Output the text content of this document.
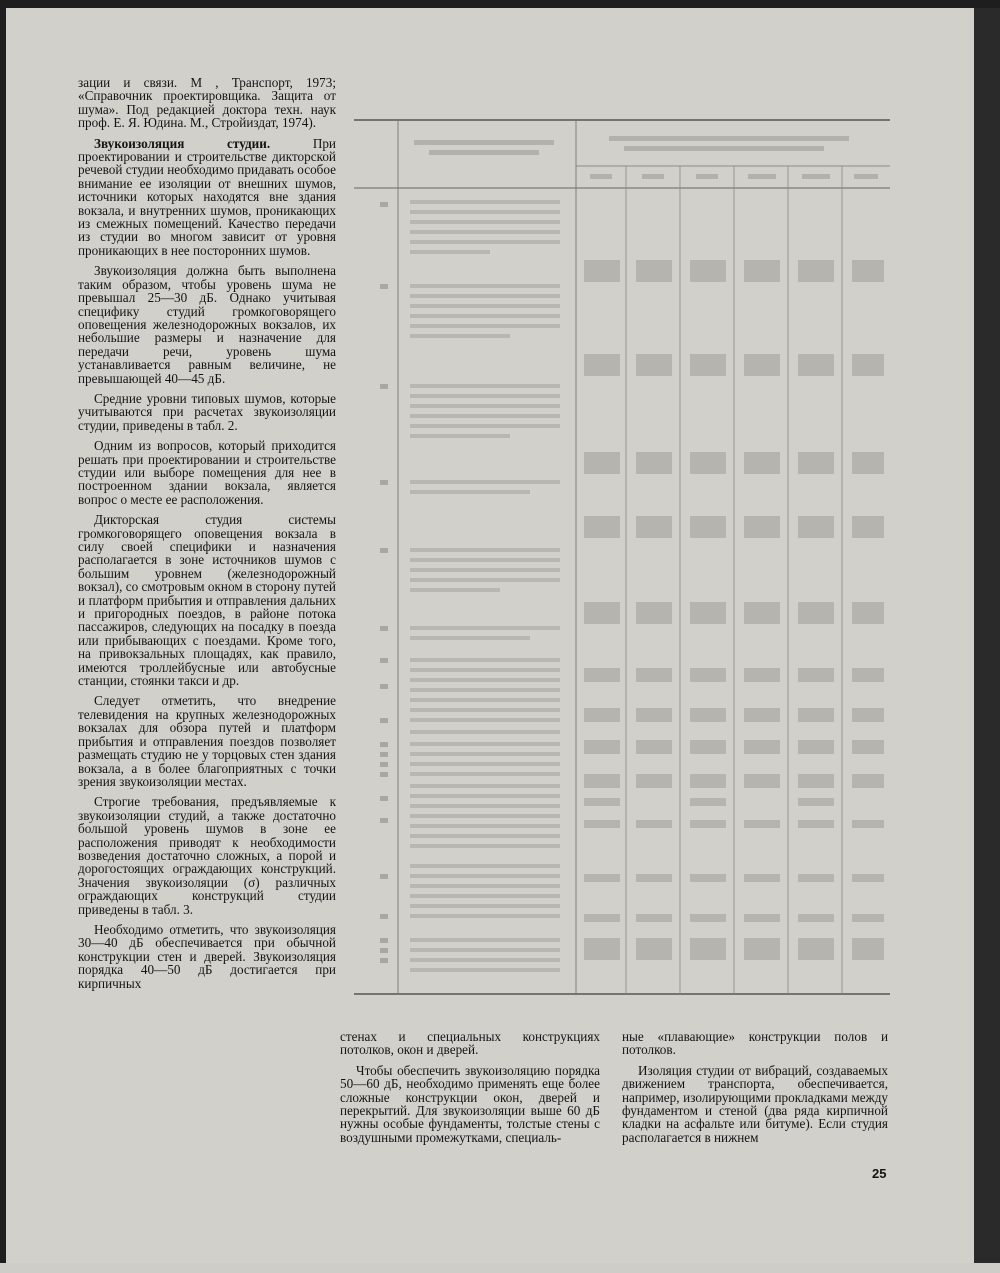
зации и связи. М , Транспорт, 1973; «Справочник проектировщика. Защита от шума». Под редакцией доктора техн. наук проф. Е. Я. Юдина. М., Стройиздат, 1974).

Звукоизоляция студии. При проектировании и строительстве дикторской речевой студии необходимо придавать особое внимание ее изоляции от внешних шумов, источники которых находятся вне здания вокзала, и внутренних шумов, проникающих из смежных помещений. Качество передачи из студии во многом зависит от уровня проникающих в нее посторонних шумов.

Звукоизоляция должна быть выполнена таким образом, чтобы уровень шума не превышал 25—30 дБ. Однако учитывая специфику студий громкоговорящего оповещения железнодорожных вокзалов, их небольшие размеры и назначение для передачи речи, уровень шума устанавливается равным величине, не превышающей 40—45 дБ.

Средние уровни типовых шумов, которые учитываются при расчетах звукоизоляции студии, приведены в табл. 2.

Одним из вопросов, который приходится решать при проектировании и строительстве студии или выборе помещения для нее в построенном здании вокзала, является вопрос о месте ее расположения.

Дикторская студия системы громкоговорящего оповещения вокзала в силу своей специфики и назначения располагается в зоне источников шумов с большим уровнем (железнодорожный вокзал), со смотровым окном в сторону путей и платформ прибытия и отправления дальних и пригородных поездов, в районе потока пассажиров, следующих на посадку в поезда или прибывающих с поездами. Кроме того, на привокзальных площадях, как правило, имеются троллейбусные или автобусные станции, стоянки такси и др.

Следует отметить, что внедрение телевидения на крупных железнодорожных вокзалах для обзора путей и платформ прибытия и отправления поездов позволяет размещать студию не у торцовых стен здания вокзала, а в более благоприятных с точки зрения звукоизоляции местах.

Строгие требования, предъявляемые к звукоизоляции студий, а также достаточно большой уровень шумов в зоне ее расположения приводят к необходимости возведения достаточно сложных, а порой и дорогостоящих ограждающих конструкций. Значения звукоизоляции (σ) различных ограждающих конструкций студии приведены в табл. 3.

Необходимо отметить, что звукоизоляция 30—40 дБ обеспечивается при обычной конструкции стен и дверей. Звукоизоляция порядка 40—50 дБ достигается при кирпичных

стенах и специальных конструкциях потолков, окон и дверей.

Чтобы обеспечить звукоизоляцию порядка 50—60 дБ, необходимо применять еще более сложные конструкции окон, дверей и перекрытий. Для звукоизоляции выше 60 дБ нужны особые фундаменты, толстые стены с воздушными промежутками, специаль-

ные «плавающие» конструкции полов и потолков.

Изоляция студии от вибраций, создаваемых движением транспорта, обеспечивается, например, изолирующими прокладками между фундаментом и стеной (два ряда кирпичной кладки на асфальте или битуме). Если студия располагается в нижнем

25
